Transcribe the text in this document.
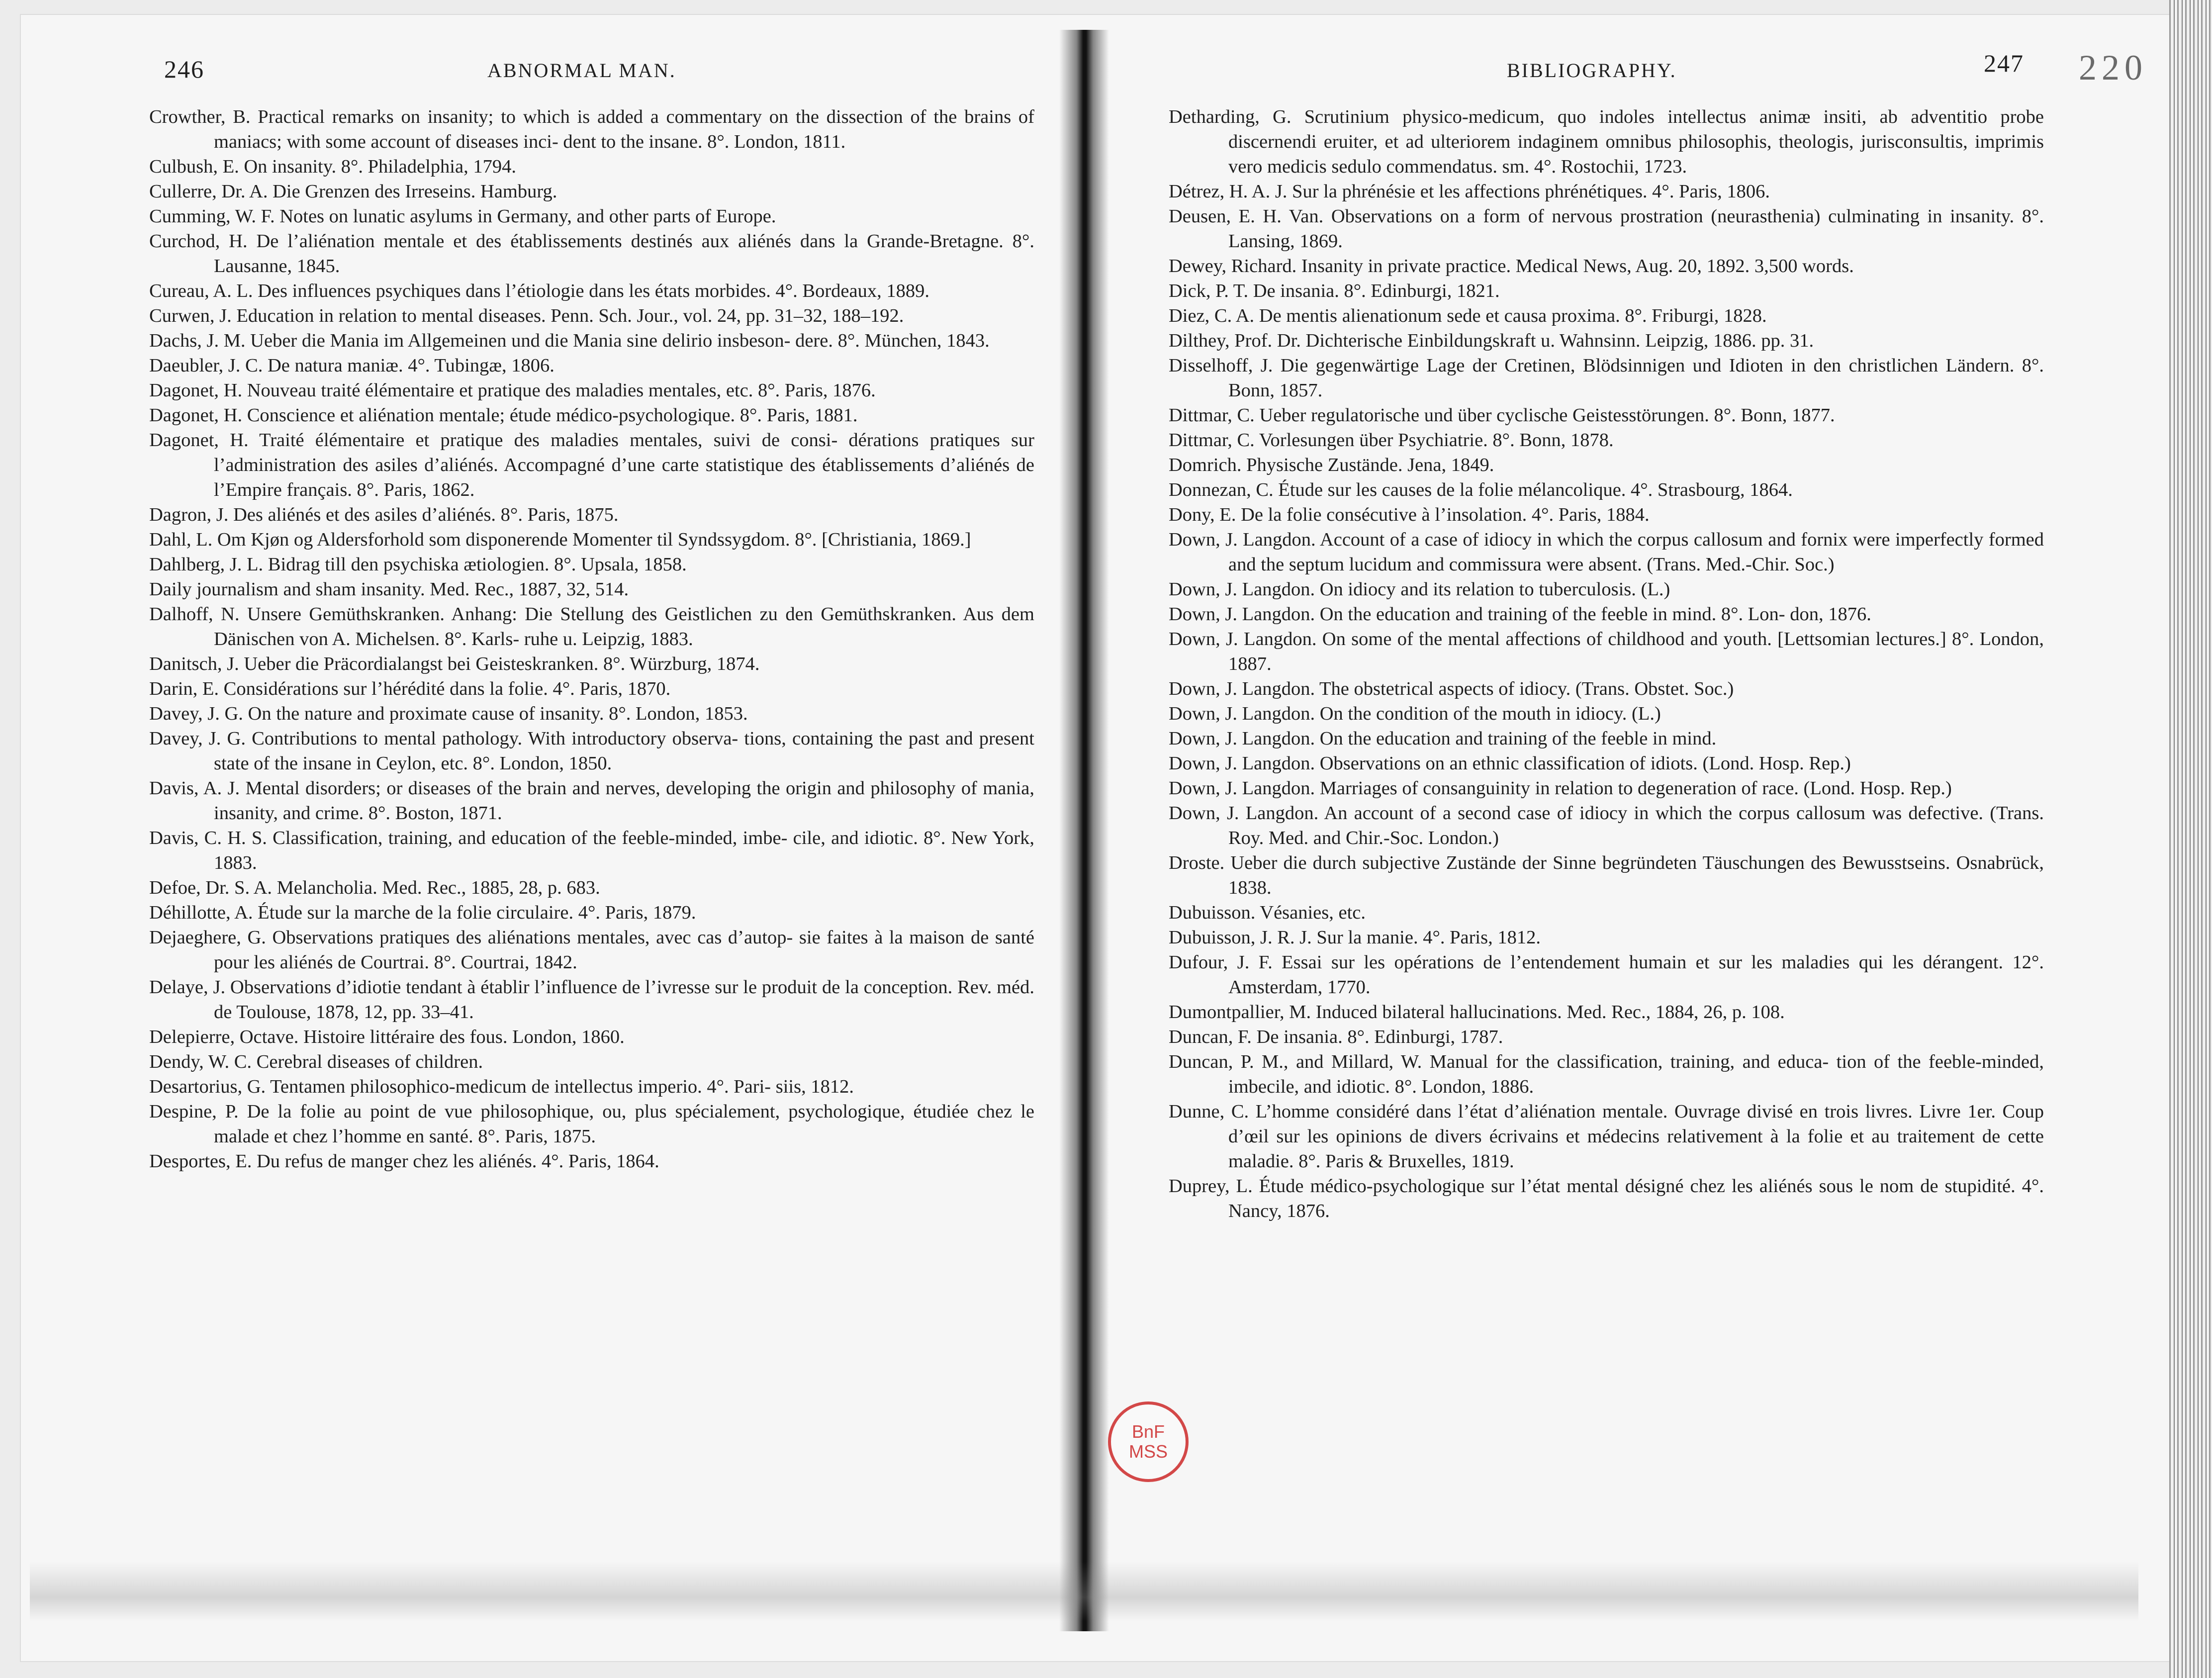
220
246	ABNORMAL MAN.

Crowther, B. Practical remarks on insanity; to which is added a commentary on the dissection of the brains of maniacs; with some account of diseases inci- dent to the insane. 8°. London, 1811.

Culbush, E. On insanity. 8°. Philadelphia, 1794.

Cullerre, Dr. A. Die Grenzen des Irreseins. Hamburg.

Cumming, W. F. Notes on lunatic asylums in Germany, and other parts of Europe.

Curchod, H. De l’aliénation mentale et des établissements destinés aux aliénés dans la Grande-Bretagne. 8°. Lausanne, 1845.

Cureau, A. L. Des influences psychiques dans l’étiologie dans les états morbides. 4°. Bordeaux, 1889.

Curwen, J. Education in relation to mental diseases. Penn. Sch. Jour., vol. 24, pp. 31–32, 188–192.

Dachs, J. M. Ueber die Mania im Allgemeinen und die Mania sine delirio insbeson- dere. 8°. München, 1843.

Daeubler, J. C. De natura maniæ. 4°. Tubingæ, 1806.

Dagonet, H. Nouveau traité élémentaire et pratique des maladies mentales, etc. 8°. Paris, 1876.

Dagonet, H. Conscience et aliénation mentale; étude médico-psychologique. 8°. Paris, 1881.

Dagonet, H. Traité élémentaire et pratique des maladies mentales, suivi de consi- dérations pratiques sur l’administration des asiles d’aliénés. Accompagné d’une carte statistique des établissements d’aliénés de l’Empire français. 8°. Paris, 1862.

Dagron, J. Des aliénés et des asiles d’aliénés. 8°. Paris, 1875.

Dahl, L. Om Kjøn og Aldersforhold som disponerende Momenter til Syndssygdom. 8°. [Christiania, 1869.]

Dahlberg, J. L. Bidrag till den psychiska ætiologien. 8°. Upsala, 1858.

Daily journalism and sham insanity. Med. Rec., 1887, 32, 514.

Dalhoff, N. Unsere Gemüthskranken. Anhang: Die Stellung des Geistlichen zu den Gemüthskranken. Aus dem Dänischen von A. Michelsen. 8°. Karls- ruhe u. Leipzig, 1883.

Danitsch, J. Ueber die Präcordialangst bei Geisteskranken. 8°. Würzburg, 1874.

Darin, E. Considérations sur l’hérédité dans la folie. 4°. Paris, 1870.

Davey, J. G. On the nature and proximate cause of insanity. 8°. London, 1853.

Davey, J. G. Contributions to mental pathology. With introductory observa- tions, containing the past and present state of the insane in Ceylon, etc. 8°. London, 1850.

Davis, A. J. Mental disorders; or diseases of the brain and nerves, developing the origin and philosophy of mania, insanity, and crime. 8°. Boston, 1871.

Davis, C. H. S. Classification, training, and education of the feeble-minded, imbe- cile, and idiotic. 8°. New York, 1883.

Defoe, Dr. S. A. Melancholia. Med. Rec., 1885, 28, p. 683.

Déhillotte, A. Étude sur la marche de la folie circulaire. 4°. Paris, 1879.

Dejaeghere, G. Observations pratiques des aliénations mentales, avec cas d’autop- sie faites à la maison de santé pour les aliénés de Courtrai. 8°. Courtrai, 1842.

Delaye, J. Observations d’idiotie tendant à établir l’influence de l’ivresse sur le produit de la conception. Rev. méd. de Toulouse, 1878, 12, pp. 33–41.

Delepierre, Octave. Histoire littéraire des fous. London, 1860.

Dendy, W. C. Cerebral diseases of children.

Desartorius, G. Tentamen philosophico-medicum de intellectus imperio. 4°. Pari- siis, 1812.

Despine, P. De la folie au point de vue philosophique, ou, plus spécialement, psychologique, étudiée chez le malade et chez l’homme en santé. 8°. Paris, 1875.

Desportes, E. Du refus de manger chez les aliénés. 4°. Paris, 1864.

BIBLIOGRAPHY.	247

Detharding, G. Scrutinium physico-medicum, quo indoles intellectus animæ insiti, ab adventitio probe discernendi eruiter, et ad ulteriorem indaginem omnibus philosophis, theologis, jurisconsultis, imprimis vero medicis sedulo commendatus. sm. 4°. Rostochii, 1723.

Détrez, H. A. J. Sur la phrénésie et les affections phrénétiques. 4°. Paris, 1806.

Deusen, E. H. Van. Observations on a form of nervous prostration (neurasthenia) culminating in insanity. 8°. Lansing, 1869.

Dewey, Richard. Insanity in private practice. Medical News, Aug. 20, 1892. 3,500 words.

Dick, P. T. De insania. 8°. Edinburgi, 1821.

Diez, C. A. De mentis alienationum sede et causa proxima. 8°. Friburgi, 1828.

Dilthey, Prof. Dr. Dichterische Einbildungskraft u. Wahnsinn. Leipzig, 1886. pp. 31.

Disselhoff, J. Die gegenwärtige Lage der Cretinen, Blödsinnigen und Idioten in den christlichen Ländern. 8°. Bonn, 1857.

Dittmar, C. Ueber regulatorische und über cyclische Geistesstörungen. 8°. Bonn, 1877.

Dittmar, C. Vorlesungen über Psychiatrie. 8°. Bonn, 1878.

Domrich. Physische Zustände. Jena, 1849.

Donnezan, C. Étude sur les causes de la folie mélancolique. 4°. Strasbourg, 1864.

Dony, E. De la folie consécutive à l’insolation. 4°. Paris, 1884.

Down, J. Langdon. Account of a case of idiocy in which the corpus callosum and fornix were imperfectly formed and the septum lucidum and commissura were absent. (Trans. Med.-Chir. Soc.)

Down, J. Langdon. On idiocy and its relation to tuberculosis. (L.)

Down, J. Langdon. On the education and training of the feeble in mind. 8°. Lon- don, 1876.

Down, J. Langdon. On some of the mental affections of childhood and youth. [Lettsomian lectures.] 8°. London, 1887.

Down, J. Langdon. The obstetrical aspects of idiocy. (Trans. Obstet. Soc.)

Down, J. Langdon. On the condition of the mouth in idiocy. (L.)

Down, J. Langdon. On the education and training of the feeble in mind.

Down, J. Langdon. Observations on an ethnic classification of idiots. (Lond. Hosp. Rep.)

Down, J. Langdon. Marriages of consanguinity in relation to degeneration of race. (Lond. Hosp. Rep.)

Down, J. Langdon. An account of a second case of idiocy in which the corpus callosum was defective. (Trans. Roy. Med. and Chir.-Soc. London.)

Droste. Ueber die durch subjective Zustände der Sinne begründeten Täuschungen des Bewusstseins. Osnabrück, 1838.

Dubuisson. Vésanies, etc.

Dubuisson, J. R. J. Sur la manie. 4°. Paris, 1812.

Dufour, J. F. Essai sur les opérations de l’entendement humain et sur les maladies qui les dérangent. 12°. Amsterdam, 1770.

Dumontpallier, M. Induced bilateral hallucinations. Med. Rec., 1884, 26, p. 108.

Duncan, F. De insania. 8°. Edinburgi, 1787.

Duncan, P. M., and Millard, W. Manual for the classification, training, and educa- tion of the feeble-minded, imbecile, and idiotic. 8°. London, 1886.

Dunne, C. L’homme considéré dans l’état d’aliénation mentale. Ouvrage divisé en trois livres. Livre 1er. Coup d’œil sur les opinions de divers écrivains et médecins relativement à la folie et au traitement de cette maladie. 8°. Paris & Bruxelles, 1819.

Duprey, L. Étude médico-psychologique sur l’état mental désigné chez les aliénés sous le nom de stupidité. 4°. Nancy, 1876.

BnF
MSS
